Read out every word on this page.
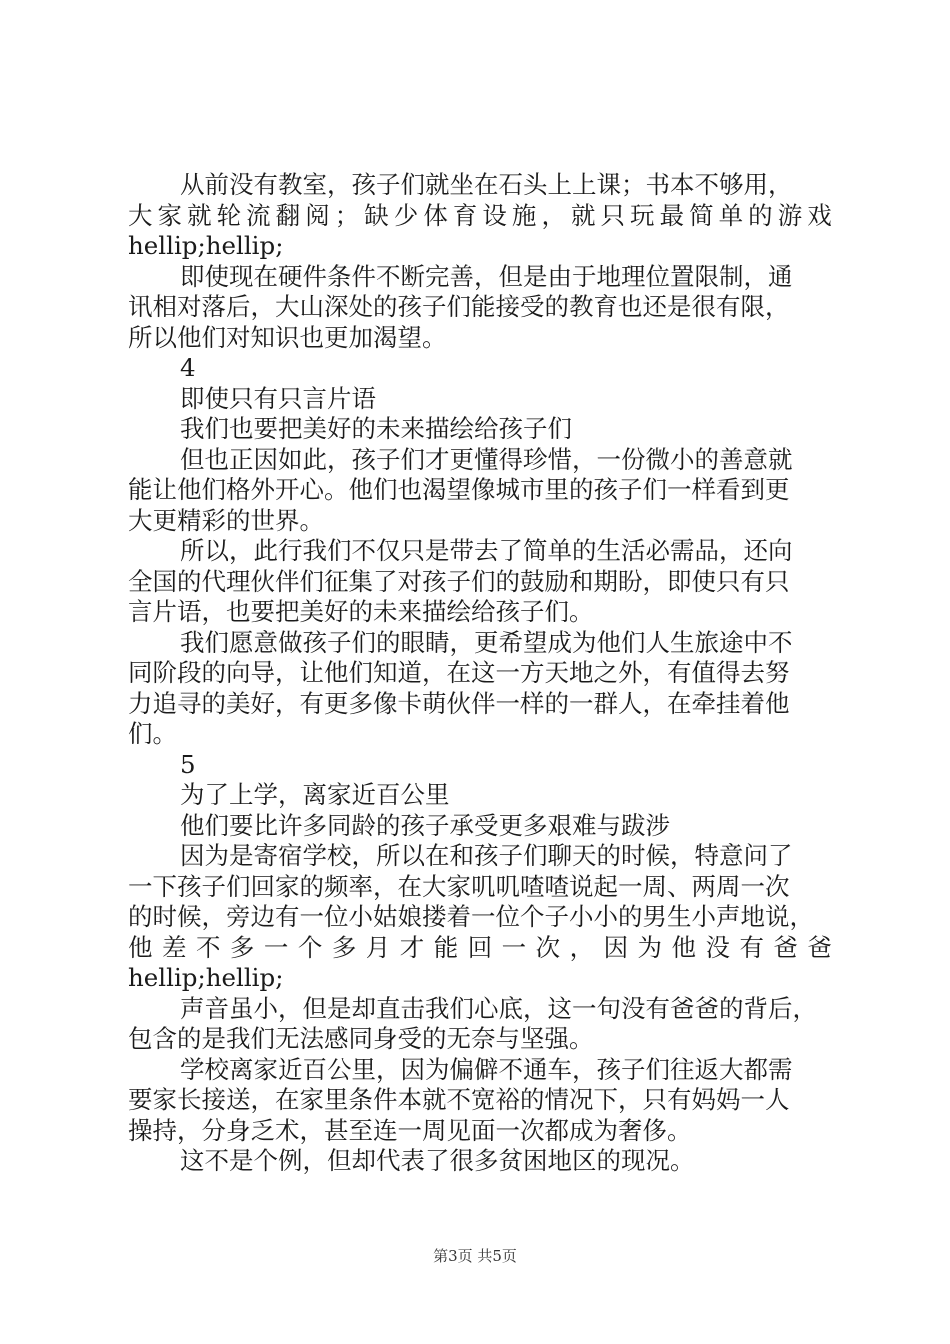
从前没有教室，孩子们就坐在石头上上课；书本不够用，
大 家 就 轮 流 翻 阅 ； 缺 少 体 育 设 施 ， 就 只 玩 最 简 单 的 游 戏
hellip;hellip;
即使现在硬件条件不断完善，但是由于地理位置限制，通
讯相对落后，大山深处的孩子们能接受的教育也还是很有限，
所以他们对知识也更加渴望。
4
即使只有只言片语
我们也要把美好的未来描绘给孩子们
但也正因如此，孩子们才更懂得珍惜，一份微小的善意就
能让他们格外开心。他们也渴望像城市里的孩子们一样看到更
大更精彩的世界。
所以，此行我们不仅只是带去了简单的生活必需品，还向
全国的代理伙伴们征集了对孩子们的鼓励和期盼，即使只有只
言片语，也要把美好的未来描绘给孩子们。
我们愿意做孩子们的眼睛，更希望成为他们人生旅途中不
同阶段的向导，让他们知道，在这一方天地之外，有值得去努
力追寻的美好，有更多像卡萌伙伴一样的一群人，在牵挂着他
们。
5
为了上学，离家近百公里
他们要比许多同龄的孩子承受更多艰难与跋涉
因为是寄宿学校，所以在和孩子们聊天的时候，特意问了
一下孩子们回家的频率，在大家叽叽喳喳说起一周、两周一次
的时候，旁边有一位小姑娘搂着一位个子小小的男生小声地说，
他 差 不 多 一 个 多 月 才 能 回 一 次 ， 因 为 他 没 有 爸 爸
hellip;hellip;
声音虽小，但是却直击我们心底，这一句没有爸爸的背后，
包含的是我们无法感同身受的无奈与坚强。
学校离家近百公里，因为偏僻不通车，孩子们往返大都需
要家长接送，在家里条件本就不宽裕的情况下，只有妈妈一人
操持，分身乏术，甚至连一周见面一次都成为奢侈。
这不是个例，但却代表了很多贫困地区的现况。
第3页 共5页
